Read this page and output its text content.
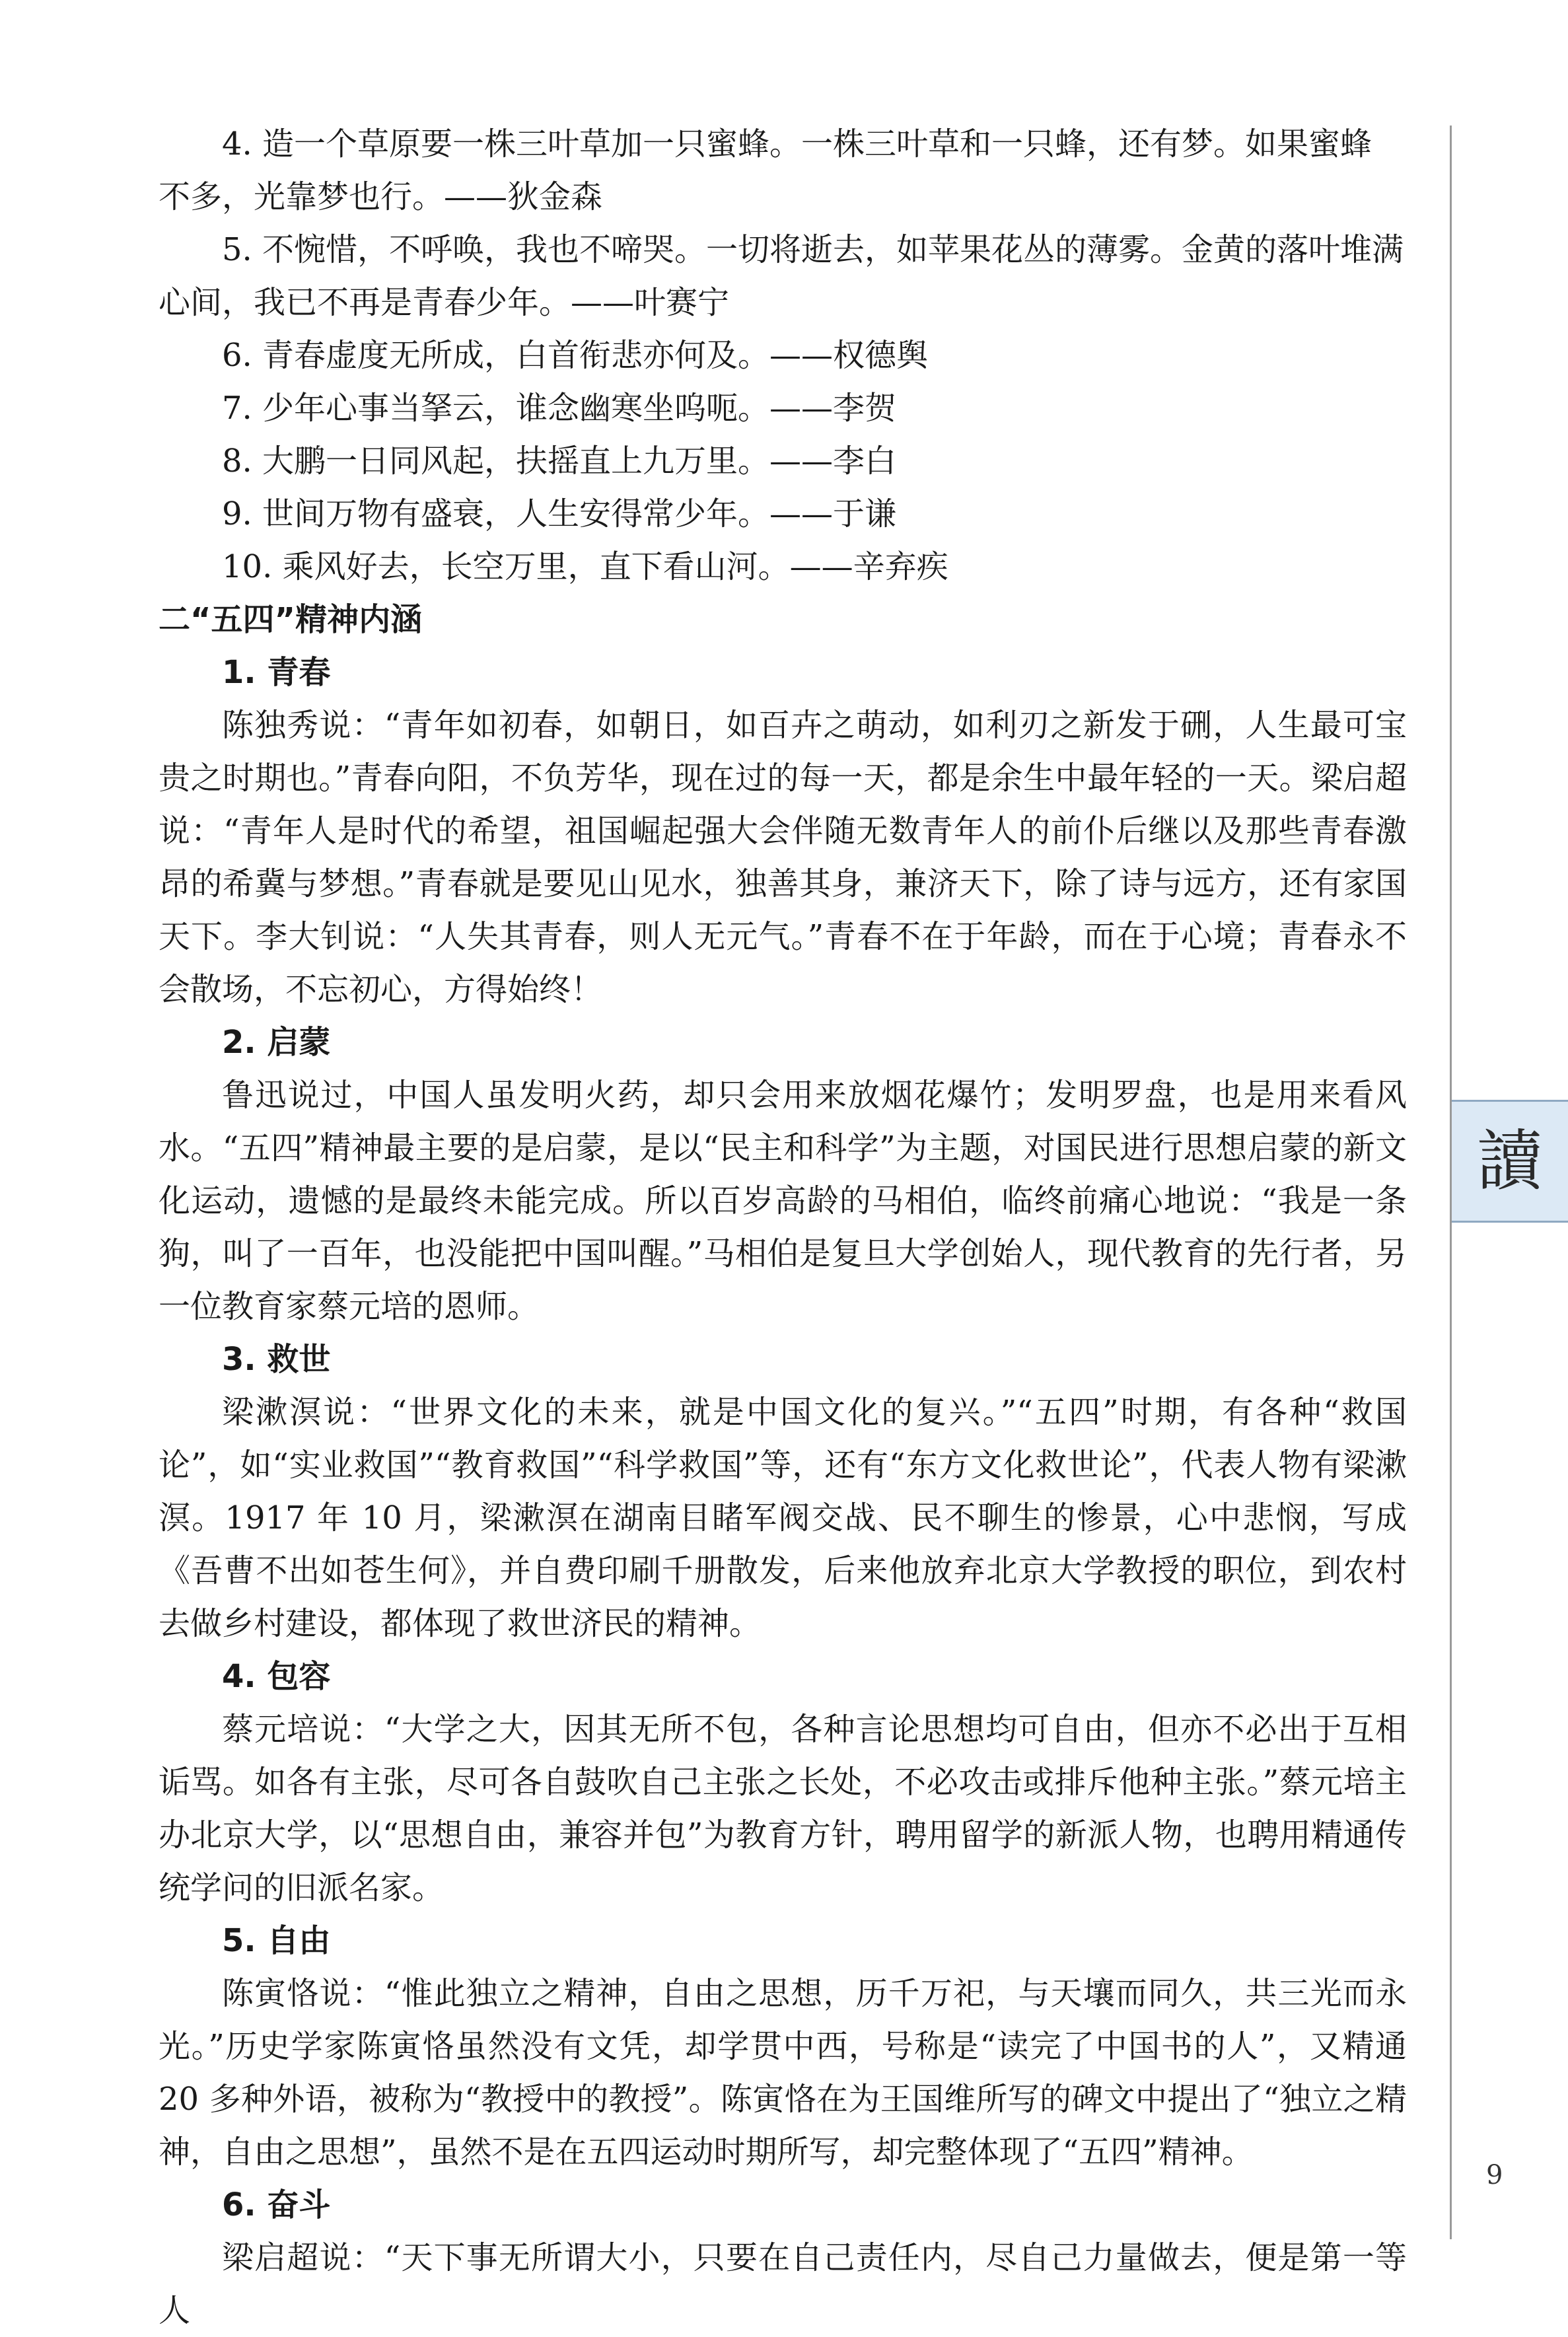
4. 造一个草原要一株三叶草加一只蜜蜂。一株三叶草和一只蜂，还有梦。如果蜜蜂

不多，光靠梦也行。——狄金森

5. 不惋惜，不呼唤，我也不啼哭。一切将逝去，如苹果花丛的薄雾。金黄的落叶堆满

心间，我已不再是青春少年。——叶赛宁

6. 青春虚度无所成，白首衔悲亦何及。——权德舆

7. 少年心事当拏云，谁念幽寒坐呜呃。——李贺

8. 大鹏一日同风起，扶摇直上九万里。——李白

9. 世间万物有盛衰，人生安得常少年。——于谦

10. 乘风好去，长空万里，直下看山河。——辛弃疾

二“五四”精神内涵

1. 青春

陈独秀说：“青年如初春，如朝日，如百卉之萌动，如利刃之新发于硎，人生最可宝贵之时期也。”青春向阳，不负芳华，现在过的每一天，都是余生中最年轻的一天。梁启超说：“青年人是时代的希望，祖国崛起强大会伴随无数青年人的前仆后继以及那些青春激昂的希冀与梦想。”青春就是要见山见水，独善其身，兼济天下，除了诗与远方，还有家国天下。李大钊说：“人失其青春，则人无元气。”青春不在于年龄，而在于心境；青春永不会散场，不忘初心，方得始终！

2. 启蒙

鲁迅说过，中国人虽发明火药，却只会用来放烟花爆竹；发明罗盘，也是用来看风水。“五四”精神最主要的是启蒙，是以“民主和科学”为主题，对国民进行思想启蒙的新文化运动，遗憾的是最终未能完成。所以百岁高龄的马相伯，临终前痛心地说：“我是一条狗，叫了一百年，也没能把中国叫醒。”马相伯是复旦大学创始人，现代教育的先行者，另一位教育家蔡元培的恩师。

3. 救世

梁漱溟说：“世界文化的未来，就是中国文化的复兴。”“五四”时期，有各种“救国论”，如“实业救国”“教育救国”“科学救国”等，还有“东方文化救世论”，代表人物有梁漱溟。1917 年 10 月，梁漱溟在湖南目睹军阀交战、民不聊生的惨景，心中悲悯，写成《吾曹不出如苍生何》，并自费印刷千册散发，后来他放弃北京大学教授的职位，到农村去做乡村建设，都体现了救世济民的精神。

4. 包容

蔡元培说：“大学之大，因其无所不包，各种言论思想均可自由，但亦不必出于互相诟骂。如各有主张，尽可各自鼓吹自己主张之长处，不必攻击或排斥他种主张。”蔡元培主办北京大学，以“思想自由，兼容并包”为教育方针，聘用留学的新派人物，也聘用精通传统学问的旧派名家。

5. 自由

陈寅恪说：“惟此独立之精神，自由之思想，历千万祀，与天壤而同久，共三光而永光。”历史学家陈寅恪虽然没有文凭，却学贯中西，号称是“读完了中国书的人”，又精通 20 多种外语，被称为“教授中的教授”。陈寅恪在为王国维所写的碑文中提出了“独立之精神，自由之思想”，虽然不是在五四运动时期所写，却完整体现了“五四”精神。

6. 奋斗

梁启超说：“天下事无所谓大小，只要在自己责任内，尽自己力量做去，便是第一等人

讀
9
